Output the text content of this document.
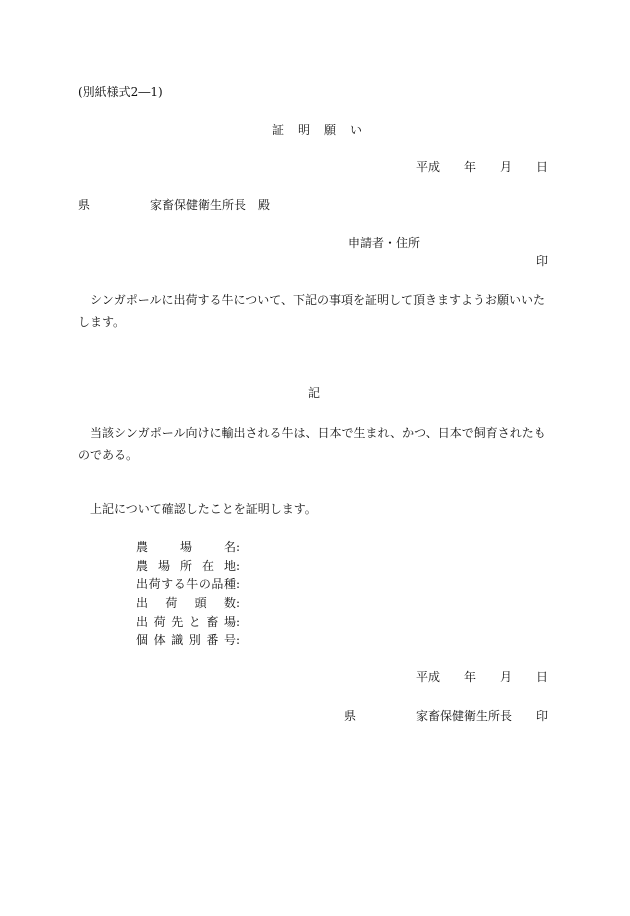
(別紙様式2―1)
証　明　願　い
平成　　年　　月　　日
県　　　　　家畜保健衛生所長　殿
申請者・住所
印
シンガポールに出荷する牛について、下記の事項を証明して頂きますようお願いいたします。
記
当該シンガポール向けに輸出される牛は、日本で生まれ、かつ、日本で飼育されたものである。
上記について確認したことを証明します。
農場名 :
農場所在地 :
出荷する牛の品種 :
出荷頭数 :
出荷先と畜場 :
個体識別番号 :
平成　　年　　月　　日
県　　　　　家畜保健衛生所長　　印
